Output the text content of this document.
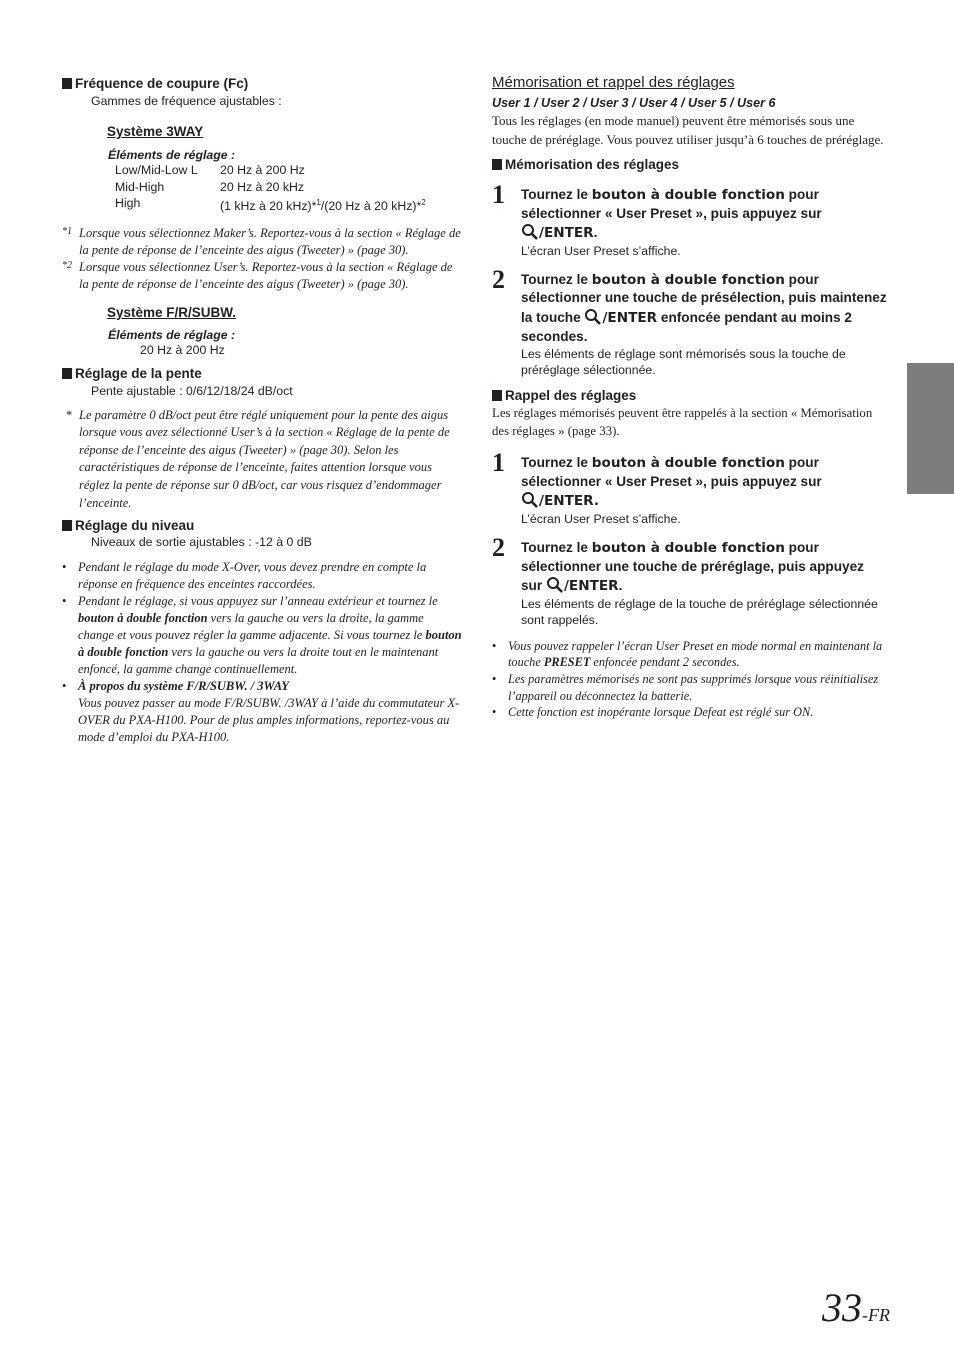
Fréquence de coupure (Fc)
Gammes de fréquence ajustables :
Système 3WAY
Éléments de réglage :
Low/Mid-Low L	20 Hz à 200 Hz
Mid-High	20 Hz à 20 kHz
High	(1 kHz à 20 kHz)*$^1$/(20 Hz à 20 kHz)*$^2$
*1 Lorsque vous sélectionnez Maker’s. Reportez-vous à la section « Réglage de la pente de réponse de l’enceinte des aigus (Tweeter) » (page 30).
*2 Lorsque vous sélectionnez User’s. Reportez-vous à la section « Réglage de la pente de réponse de l’enceinte des aigus (Tweeter) » (page 30).
Système F/R/SUBW.
Éléments de réglage :
20 Hz à 200 Hz
Réglage de la pente
Pente ajustable : 0/6/12/18/24 dB/oct
* Le paramètre 0 dB/oct peut être réglé uniquement pour la pente des aigus lorsque vous avez sélectionné User’s à la section « Réglage de la pente de réponse de l’enceinte des aigus (Tweeter) » (page 30). Selon les caractéristiques de réponse de l’enceinte, faites attention lorsque vous réglez la pente de réponse sur 0 dB/oct, car vous risquez d’endommager l’enceinte.
Réglage du niveau
Niveaux de sortie ajustables : -12 à 0 dB
• Pendant le réglage du mode X-Over, vous devez prendre en compte la réponse en fréquence des enceintes raccordées.
• Pendant le réglage, si vous appuyez sur l’anneau extérieur et tournez le bouton à double fonction vers la gauche ou vers la droite, la gamme change et vous pouvez régler la gamme adjacente. Si vous tournez le bouton à double fonction vers la gauche ou vers la droite tout en le maintenant enfoncé, la gamme change continuellement.
• À propos du système F/R/SUBW. / 3WAY
Vous pouvez passer au mode F/R/SUBW. /3WAY à l’aide du commutateur X-OVER du PXA-H100. Pour de plus amples informations, reportez-vous au mode d’emploi du PXA-H100.
Mémorisation et rappel des réglages
User 1 / User 2 / User 3 / User 4 / User 5 / User 6
Tous les réglages (en mode manuel) peuvent être mémorisés sous une touche de préréglage. Vous pouvez utiliser jusqu’à 6 touches de préréglage.
Mémorisation des réglages
1 Tournez le bouton à double fonction pour sélectionner « User Preset », puis appuyez sur
/ENTER.
L’écran User Preset s’affiche.
2 Tournez le bouton à double fonction pour sélectionner une touche de présélection, puis maintenez la touche /ENTER enfoncée pendant au moins 2 secondes.
Les éléments de réglage sont mémorisés sous la touche de préréglage sélectionnée.
Rappel des réglages
Les réglages mémorisés peuvent être rappelés à la section « Mémorisation des réglages » (page 33).
1 Tournez le bouton à double fonction pour sélectionner « User Preset », puis appuyez sur
/ENTER.
L’écran User Preset s’affiche.
2 Tournez le bouton à double fonction pour sélectionner une touche de préréglage, puis appuyez sur /ENTER.
Les éléments de réglage de la touche de préréglage sélectionnée sont rappelés.
• Vous pouvez rappeler l’écran User Preset en mode normal en maintenant la touche PRESET enfoncée pendant 2 secondes.
• Les paramètres mémorisés ne sont pas supprimés lorsque vous réinitialisez l’appareil ou déconnectez la batterie.
• Cette fonction est inopérante lorsque Defeat est réglé sur ON.
33-FR
